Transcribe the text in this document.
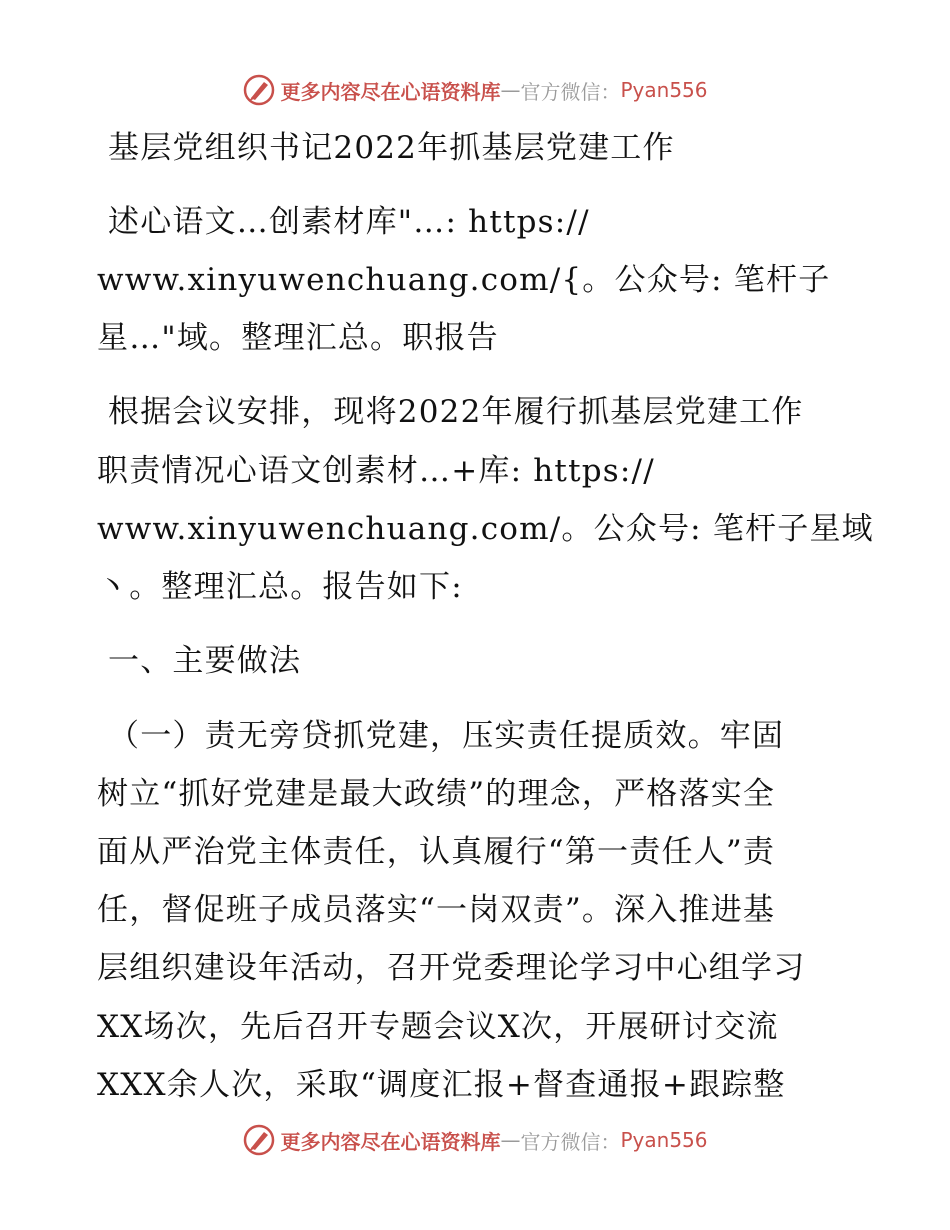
更多内容尽在心语资料库 — 官方微信： Pyan556
基层党组织书记2022年抓基层党建工作
述心语文…创素材库"…: https://
www.xinyuwenchuang.com/{。公众号: 笔杆子
星…"域。整理汇总。职报告
根据会议安排，现将2022年履行抓基层党建工作
职责情况心语文创素材…+库: https://
www.xinyuwenchuang.com/。公众号: 笔杆子星域
丶。整理汇总。报告如下:
一、主要做法
（一）责无旁贷抓党建，压实责任提质效。牢固
树立“抓好党建是最大政绩”的理念，严格落实全
面从严治党主体责任，认真履行“第一责任人”责
任，督促班子成员落实“一岗双责”。深入推进基
层组织建设年活动，召开党委理论学习中心组学习
XX场次，先后召开专题会议X次，开展研讨交流
XXX余人次，采取“调度汇报+督查通报+跟踪整
更多内容尽在心语资料库 — 官方微信： Pyan556
